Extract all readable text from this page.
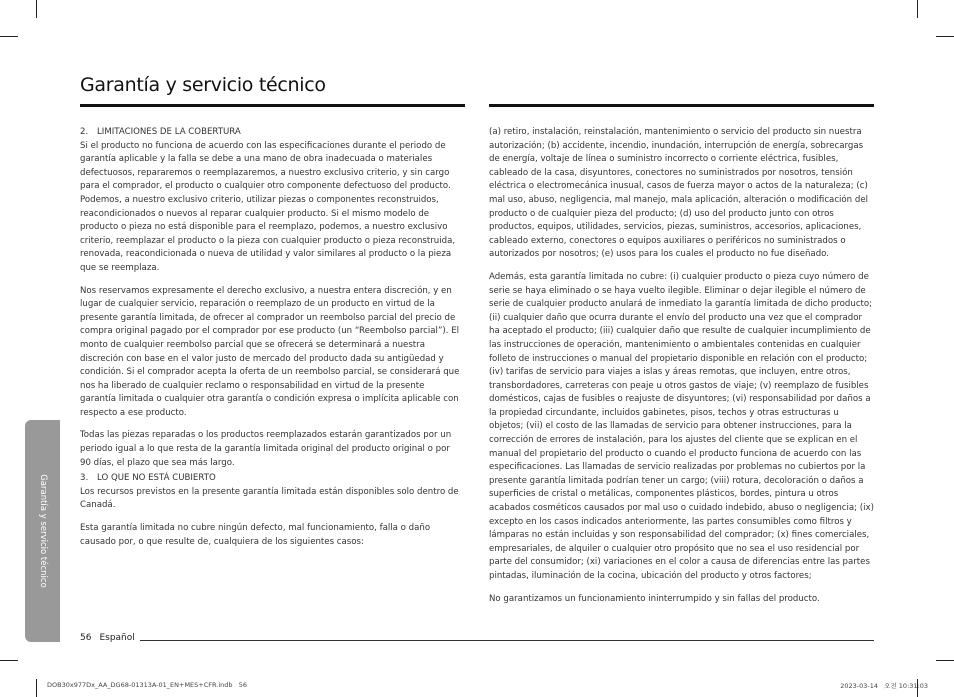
Garantía y servicio técnico

2. LIMITACIONES DE LA COBERTURA

Si el producto no funciona de acuerdo con las especificaciones durante el periodo de garantía aplicable y la falla se debe a una mano de obra inadecuada o materiales defectuosos, repararemos o reemplazaremos, a nuestro exclusivo criterio, y sin cargo para el comprador, el producto o cualquier otro componente defectuoso del producto. Podemos, a nuestro exclusivo criterio, utilizar piezas o componentes reconstruidos, reacondicionados o nuevos al reparar cualquier producto. Si el mismo modelo de producto o pieza no está disponible para el reemplazo, podemos, a nuestro exclusivo criterio, reemplazar el producto o la pieza con cualquier producto o pieza reconstruida, renovada, reacondicionada o nueva de utilidad y valor similares al producto o la pieza que se reemplaza.

Nos reservamos expresamente el derecho exclusivo, a nuestra entera discreción, y en lugar de cualquier servicio, reparación o reemplazo de un producto en virtud de la presente garantía limitada, de ofrecer al comprador un reembolso parcial del precio de compra original pagado por el comprador por ese producto (un “Reembolso parcial”). El monto de cualquier reembolso parcial que se ofrecerá se determinará a nuestra discreción con base en el valor justo de mercado del producto dada su antigüedad y condición. Si el comprador acepta la oferta de un reembolso parcial, se considerará que nos ha liberado de cualquier reclamo o responsabilidad en virtud de la presente garantía limitada o cualquier otra garantía o condición expresa o implícita aplicable con respecto a ese producto.

Todas las piezas reparadas o los productos reemplazados estarán garantizados por un periodo igual a lo que resta de la garantía limitada original del producto original o por 90 días, el plazo que sea más largo.

3. LO QUE NO ESTÁ CUBIERTO

Los recursos previstos en la presente garantía limitada están disponibles solo dentro de Canadá.

Esta garantía limitada no cubre ningún defecto, mal funcionamiento, falla o daño causado por, o que resulte de, cualquiera de los siguientes casos:

(a) retiro, instalación, reinstalación, mantenimiento o servicio del producto sin nuestra autorización; (b) accidente, incendio, inundación, interrupción de energía, sobrecargas de energía, voltaje de línea o suministro incorrecto o corriente eléctrica, fusibles, cableado de la casa, disyuntores, conectores no suministrados por nosotros, tensión eléctrica o electromecánica inusual, casos de fuerza mayor o actos de la naturaleza; (c) mal uso, abuso, negligencia, mal manejo, mala aplicación, alteración o modificación del producto o de cualquier pieza del producto; (d) uso del producto junto con otros productos, equipos, utilidades, servicios, piezas, suministros, accesorios, aplicaciones, cableado externo, conectores o equipos auxiliares o periféricos no suministrados o autorizados por nosotros; (e) usos para los cuales el producto no fue diseñado.

Además, esta garantía limitada no cubre: (i) cualquier producto o pieza cuyo número de serie se haya eliminado o se haya vuelto ilegible. Eliminar o dejar ilegible el número de serie de cualquier producto anulará de inmediato la garantía limitada de dicho producto; (ii) cualquier daño que ocurra durante el envío del producto una vez que el comprador ha aceptado el producto; (iii) cualquier daño que resulte de cualquier incumplimiento de las instrucciones de operación, mantenimiento o ambientales contenidas en cualquier folleto de instrucciones o manual del propietario disponible en relación con el producto; (iv) tarifas de servicio para viajes a islas y áreas remotas, que incluyen, entre otros, transbordadores, carreteras con peaje u otros gastos de viaje; (v) reemplazo de fusibles domésticos, cajas de fusibles o reajuste de disyuntores; (vi) responsabilidad por daños a la propiedad circundante, incluidos gabinetes, pisos, techos y otras estructuras u objetos; (vii) el costo de las llamadas de servicio para obtener instrucciones, para la corrección de errores de instalación, para los ajustes del cliente que se explican en el manual del propietario del producto o cuando el producto funciona de acuerdo con las especificaciones. Las llamadas de servicio realizadas por problemas no cubiertos por la presente garantía limitada podrían tener un cargo; (viii) rotura, decoloración o daños a superficies de cristal o metálicas, componentes plásticos, bordes, pintura u otros acabados cosméticos causados por mal uso o cuidado indebido, abuso o negligencia; (ix) excepto en los casos indicados anteriormente, las partes consumibles como filtros y lámparas no están incluidas y son responsabilidad del comprador; (x) fines comerciales, empresariales, de alquiler o cualquier otro propósito que no sea el uso residencial por parte del consumidor; (xi) variaciones en el color a causa de diferencias entre las partes pintadas, iluminación de la cocina, ubicación del producto y otros factores;

No garantizamos un funcionamiento ininterrumpido y sin fallas del producto.

Garantía y servicio técnico
56 Español
DOB30x977Dx_AA_DG68-01313A-01_EN+MES+CFR.indb   56	2023-03-14   오전 10:31:03
